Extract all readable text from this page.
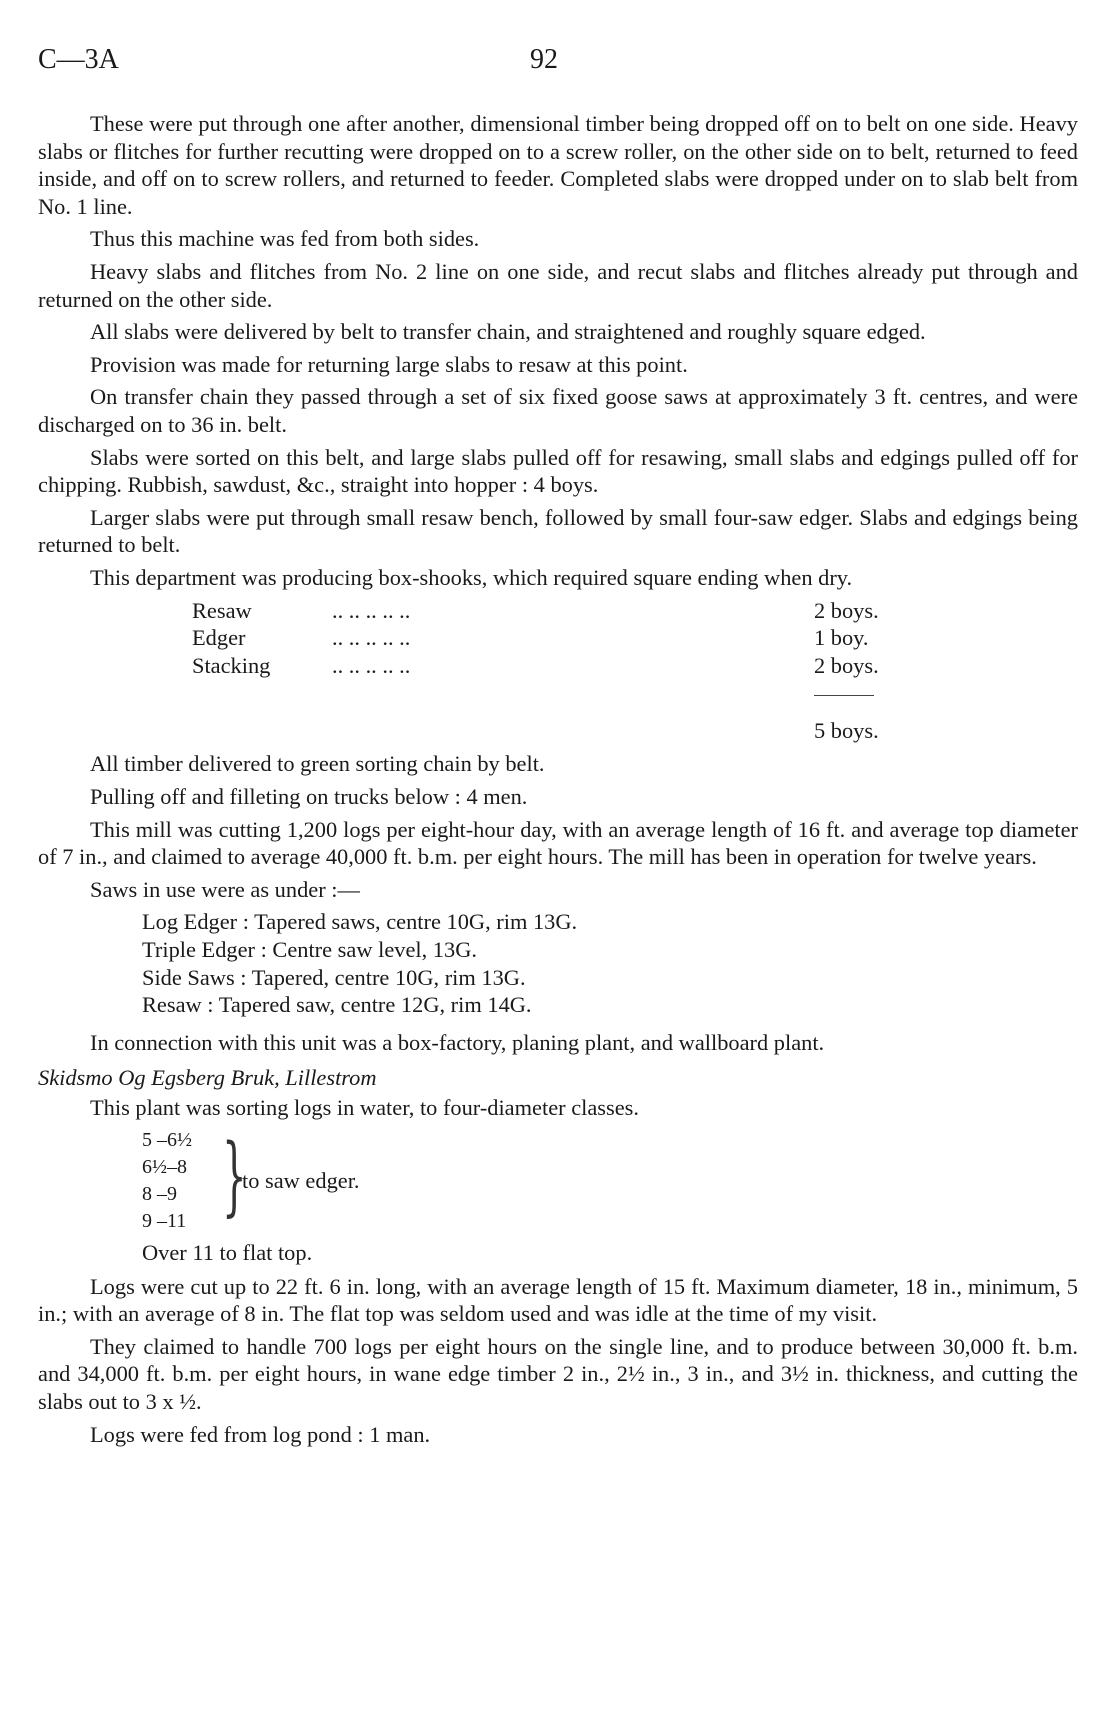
C—3A	92

These were put through one after another, dimensional timber being dropped off on to belt on one side. Heavy slabs or flitches for further recutting were dropped on to a screw roller, on the other side on to belt, returned to feed inside, and off on to screw rollers, and returned to feeder. Completed slabs were dropped under on to slab belt from No. 1 line.

Thus this machine was fed from both sides.

Heavy slabs and flitches from No. 2 line on one side, and recut slabs and flitches already put through and returned on the other side.

All slabs were delivered by belt to transfer chain, and straightened and roughly square edged.

Provision was made for returning large slabs to resaw at this point.

On transfer chain they passed through a set of six fixed goose saws at approximately 3 ft. centres, and were discharged on to 36 in. belt.

Slabs were sorted on this belt, and large slabs pulled off for resawing, small slabs and edgings pulled off for chipping. Rubbish, sawdust, &c., straight into hopper : 4 boys.

Larger slabs were put through small resaw bench, followed by small four-saw edger. Slabs and edgings being returned to belt.

This department was producing box-shooks, which required square ending when dry.

Resaw	.. .. .. .. ..	2 boys.
Edger	.. .. .. .. ..	1 boy.
Stacking	.. .. .. .. ..	2 boys.

		5 boys.

All timber delivered to green sorting chain by belt.

Pulling off and filleting on trucks below : 4 men.

This mill was cutting 1,200 logs per eight-hour day, with an average length of 16 ft. and average top diameter of 7 in., and claimed to average 40,000 ft. b.m. per eight hours. The mill has been in operation for twelve years.

Saws in use were as under :—

Log Edger : Tapered saws, centre 10G, rim 13G.
Triple Edger : Centre saw level, 13G.
Side Saws : Tapered, centre 10G, rim 13G.
Resaw : Tapered saw, centre 12G, rim 14G.

In connection with this unit was a box-factory, planing plant, and wallboard plant.

Skidsmo Og Egsberg Bruk, Lillestrom

This plant was sorting logs in water, to four-diameter classes.

5 –6½
6½–8
8 –9
9 –11 }
to saw edger.
Over 11 to flat top.

Logs were cut up to 22 ft. 6 in. long, with an average length of 15 ft. Maximum diameter, 18 in., minimum, 5 in.; with an average of 8 in. The flat top was seldom used and was idle at the time of my visit.

They claimed to handle 700 logs per eight hours on the single line, and to produce between 30,000 ft. b.m. and 34,000 ft. b.m. per eight hours, in wane edge timber 2 in., 2½ in., 3 in., and 3½ in. thickness, and cutting the slabs out to 3 x ½.

Logs were fed from log pond : 1 man.
